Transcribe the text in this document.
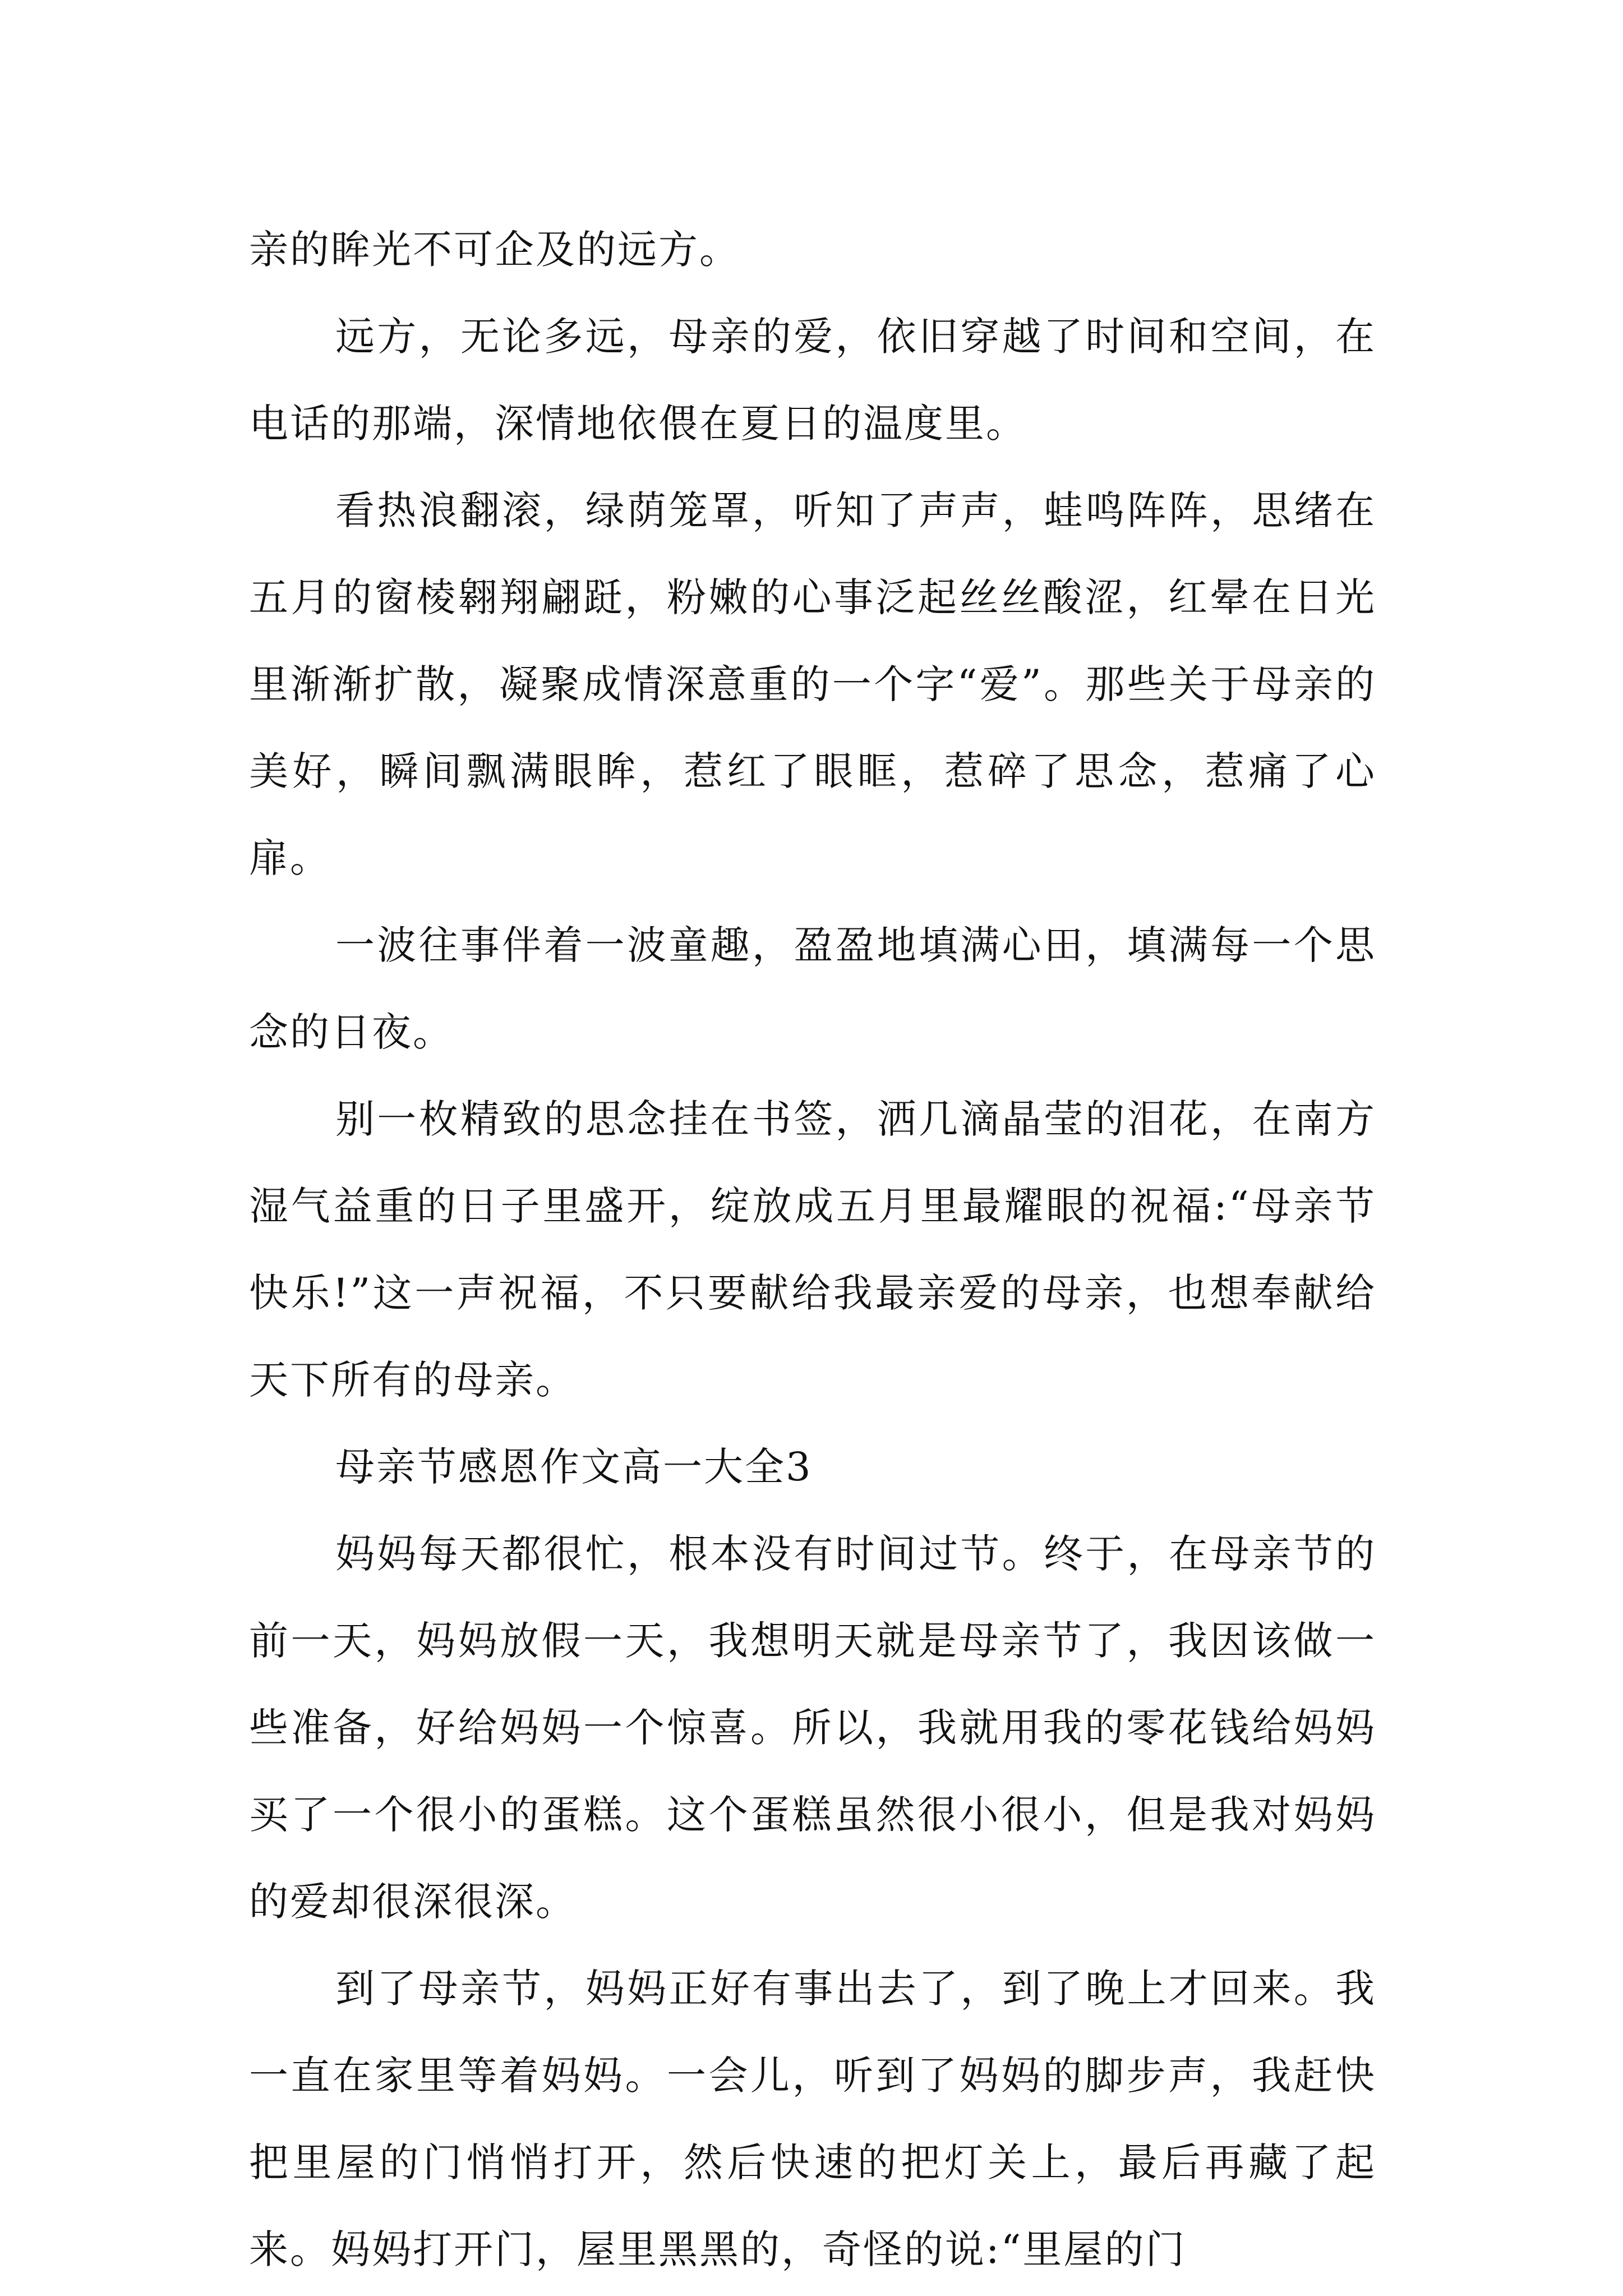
亲的眸光不可企及的远方。

远方，无论多远，母亲的爱，依旧穿越了时间和空间，在电话的那端，深情地依偎在夏日的温度里。

看热浪翻滚，绿荫笼罩，听知了声声，蛙鸣阵阵，思绪在五月的窗棱翱翔翩跹，粉嫩的心事泛起丝丝酸涩，红晕在日光里渐渐扩散，凝聚成情深意重的一个字“爱”。那些关于母亲的美好，瞬间飘满眼眸，惹红了眼眶，惹碎了思念，惹痛了心扉。

一波往事伴着一波童趣，盈盈地填满心田，填满每一个思念的日夜。

别一枚精致的思念挂在书签，洒几滴晶莹的泪花，在南方湿气益重的日子里盛开，绽放成五月里最耀眼的祝福:“母亲节快乐!”这一声祝福，不只要献给我最亲爱的母亲，也想奉献给天下所有的母亲。

母亲节感恩作文高一大全3

妈妈每天都很忙，根本没有时间过节。终于，在母亲节的前一天，妈妈放假一天，我想明天就是母亲节了，我因该做一些准备，好给妈妈一个惊喜。所以，我就用我的零花钱给妈妈买了一个很小的蛋糕。这个蛋糕虽然很小很小，但是我对妈妈的爱却很深很深。

到了母亲节，妈妈正好有事出去了，到了晚上才回来。我一直在家里等着妈妈。一会儿，听到了妈妈的脚步声，我赶快把里屋的门悄悄打开，然后快速的把灯关上，最后再藏了起来。妈妈打开门，屋里黑黑的，奇怪的说:“里屋的门
